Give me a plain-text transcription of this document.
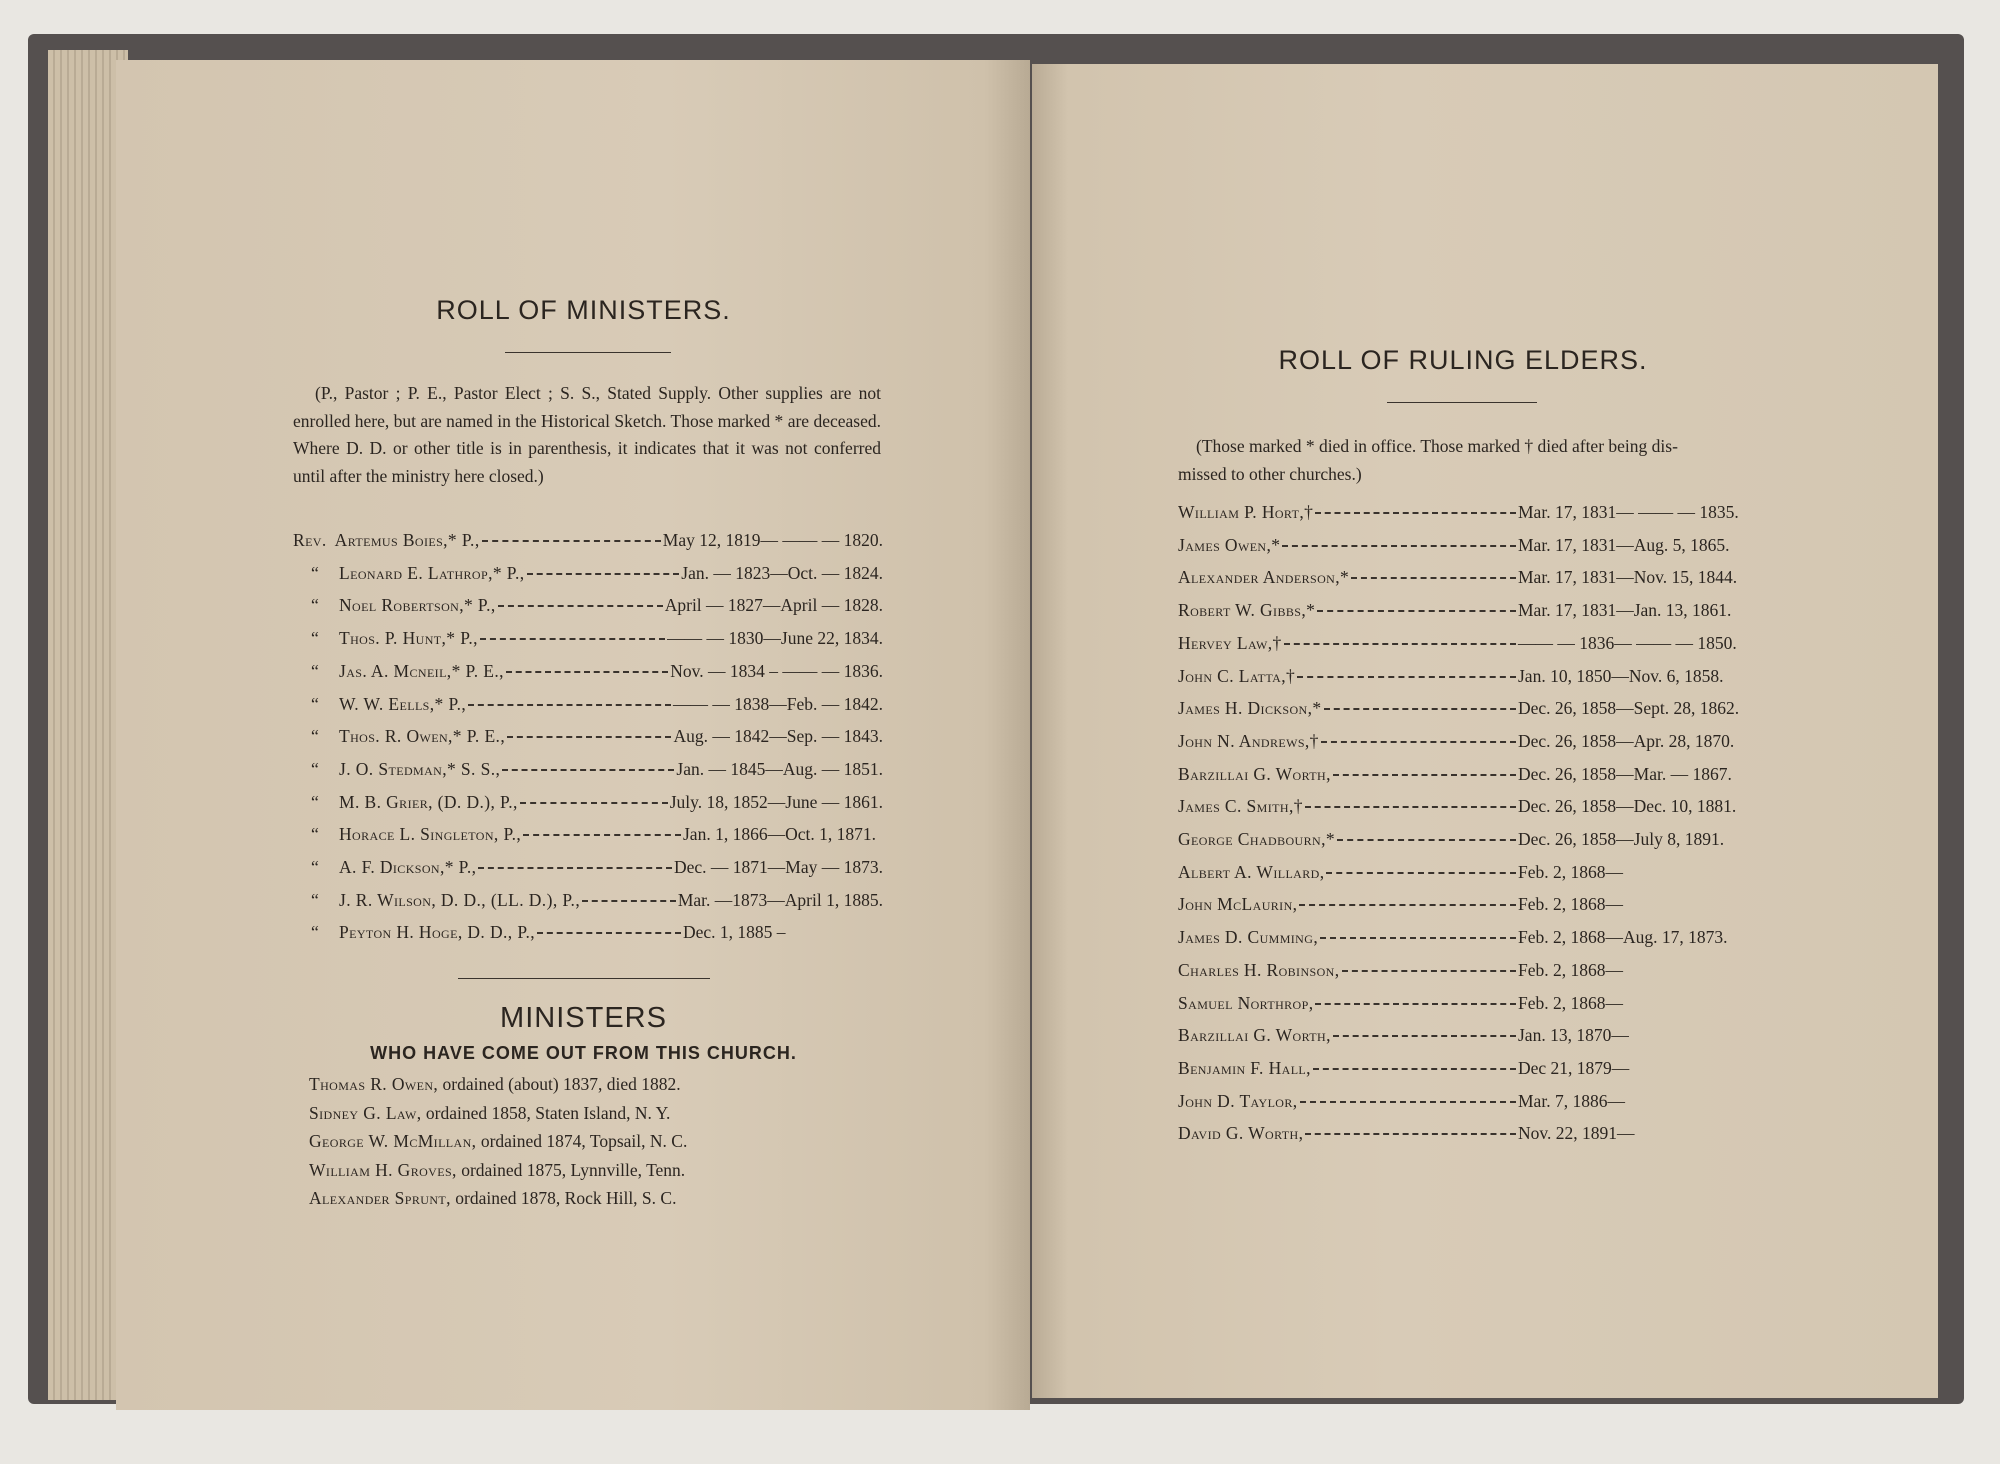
ROLL OF MINISTERS.
(P., Pastor ; P. E., Pastor Elect ; S. S., Stated Supply. Other supplies are not enrolled here, but are named in the Historical Sketch. Those marked * are deceased. Where D. D. or other title is in parenthesis, it indicates that it was not conferred until after the ministry here closed.)
Rev. Artemus Boies,* P.,	May 12, 1819— —— — 1820.
“	Leonard E. Lathrop,* P.,	Jan. — 1823—Oct. — 1824.
“	Noel Robertson,* P.,	April — 1827—April — 1828.
“	Thos. P. Hunt,* P.,	—— — 1830—June 22, 1834.
“	Jas. A. Mcneil,* P. E.,	Nov. — 1834 – —— — 1836.
“	W. W. Eells,* P.,	—— — 1838—Feb. — 1842.
“	Thos. R. Owen,* P. E.,	Aug. — 1842—Sep. — 1843.
“	J. O. Stedman,* S. S.,	Jan. — 1845—Aug. — 1851.
“	M. B. Grier, (D. D.), P.,	July. 18, 1852—June — 1861.
“	Horace L. Singleton, P.,	Jan. 1, 1866—Oct. 1, 1871.
“	A. F. Dickson,* P.,	Dec. — 1871—May — 1873.
“	J. R. Wilson, D. D., (LL. D.), P.,	Mar. —1873—April 1, 1885.
“	Peyton H. Hoge, D. D., P.,	Dec. 1, 1885 –
MINISTERS
WHO HAVE COME OUT FROM THIS CHURCH.
Thomas R. Owen, ordained (about) 1837, died 1882.
Sidney G. Law, ordained 1858, Staten Island, N. Y.
George W. McMillan, ordained 1874, Topsail, N. C.
William H. Groves, ordained 1875, Lynnville, Tenn.
Alexander Sprunt, ordained 1878, Rock Hill, S. C.
ROLL OF RULING ELDERS.
(Those marked * died in office. Those marked † died after being dis-
missed to other churches.)
William P. Hort,†	Mar. 17, 1831— —— — 1835.
James Owen,*	Mar. 17, 1831—Aug. 5, 1865.
Alexander Anderson,*	Mar. 17, 1831—Nov. 15, 1844.
Robert W. Gibbs,*	Mar. 17, 1831—Jan. 13, 1861.
Hervey Law,†	—— — 1836— —— — 1850.
John C. Latta,†	Jan. 10, 1850—Nov. 6, 1858.
James H. Dickson,*	Dec. 26, 1858—Sept. 28, 1862.
John N. Andrews,†	Dec. 26, 1858—Apr. 28, 1870.
Barzillai G. Worth,	Dec. 26, 1858—Mar. — 1867.
James C. Smith,†	Dec. 26, 1858—Dec. 10, 1881.
George Chadbourn,*	Dec. 26, 1858—July 8, 1891.
Albert A. Willard,	Feb. 2, 1868—
John McLaurin,	Feb. 2, 1868—
James D. Cumming,	Feb. 2, 1868—Aug. 17, 1873.
Charles H. Robinson,	Feb. 2, 1868—
Samuel Northrop,	Feb. 2, 1868—
Barzillai G. Worth,	Jan. 13, 1870—
Benjamin F. Hall,	Dec 21, 1879—
John D. Taylor,	Mar. 7, 1886—
David G. Worth,	Nov. 22, 1891—
